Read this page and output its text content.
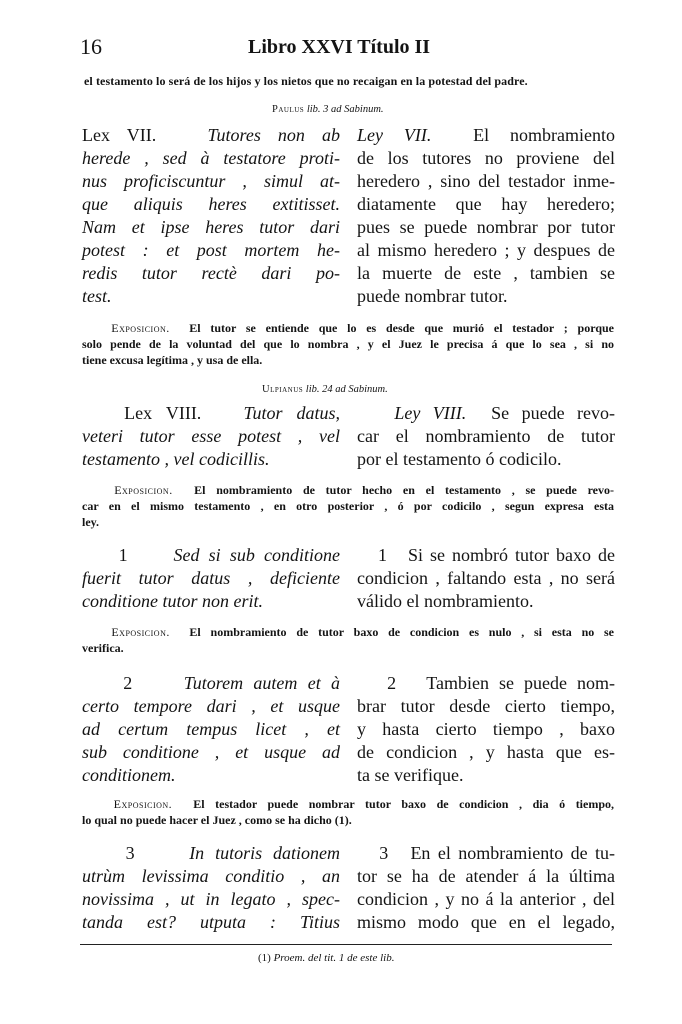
16	Libro XXVI Título II
el testamento lo será de los hijos y los nietos que no recaigan en la potestad del padre.
Paulus lib. 3 ad Sabinum.
Lex VII.	Tutores non ab
herede , sed à testatore proti-
nus proficiscuntur , simul at-
que aliquis heres extitisset.
Nam et ipse heres tutor dari
potest : et post mortem he-
redis tutor rectè dari po-
test.
Ley VII. El nombramiento
de los tutores no proviene del
heredero , sino del testador inme-
diatamente que hay heredero;
pues se puede nombrar por tutor
al mismo heredero ; y despues de
la muerte de este , tambien se
puede nombrar tutor.
Exposicion. El tutor se entiende que lo es desde que murió el testador ; porque
solo pende de la voluntad del que lo nombra , y el Juez le precisa á que lo sea , si no
tiene excusa legítima , y usa de ella.
Ulpianus lib. 24 ad Sabinum.
Lex VIII. Tutor datus,
veteri tutor esse potest , vel
testamento , vel codicillis.
Ley VIII. Se puede revo-
car el nombramiento de tutor
por el testamento ó codicilo.
Exposicion. El nombramiento de tutor hecho en el testamento , se puede revo-
car en el mismo testamento , en otro posterior , ó por codicilo , segun expresa esta
ley.
1	Sed si sub conditione
fuerit tutor datus , deficiente
conditione tutor non erit.
1 Si se nombró tutor baxo de
condicion , faltando esta , no será
válido el nombramiento.
Exposicion. El nombramiento de tutor baxo de condicion es nulo , si esta no se
verifica.
2	Tutorem autem et à
certo tempore dari , et usque
ad certum tempus licet , et
sub conditione , et usque ad
conditionem.
2 Tambien se puede nom-
brar tutor desde cierto tiempo,
y hasta cierto tiempo , baxo
de condicion , y hasta que es-
ta se verifique.
Exposicion. El testador puede nombrar tutor baxo de condicion , dia ó tiempo,
lo qual no puede hacer el Juez , como se ha dicho (1).
3	In tutoris dationem
utrùm levissima conditio , an
novissima , ut in legato , spec-
tanda est? utputa : Titius
3 En el nombramiento de tu-
tor se ha de atender á la última
condicion , y no á la anterior , del
mismo modo que en el legado,
(1) Proem. del tit. 1 de este lib.
